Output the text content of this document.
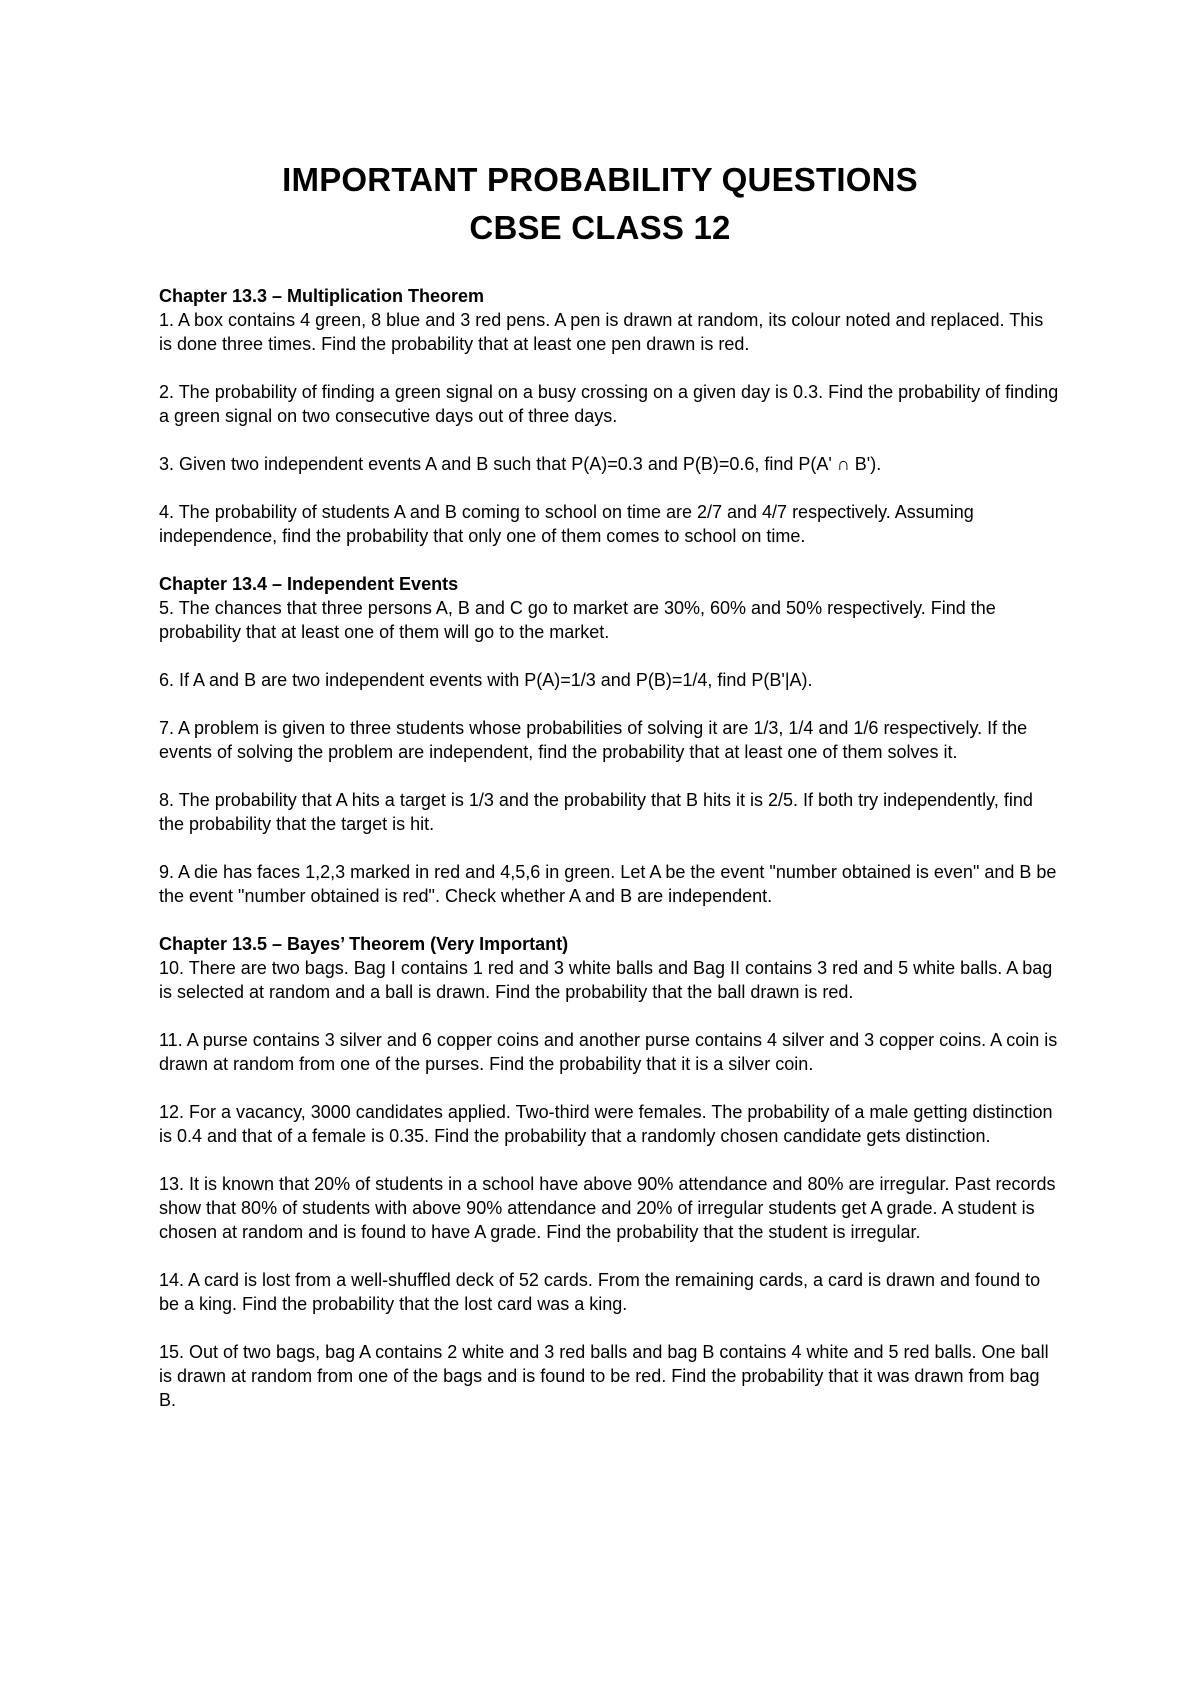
IMPORTANT PROBABILITY QUESTIONS
CBSE CLASS 12

Chapter 13.3 – Multiplication Theorem

1. A box contains 4 green, 8 blue and 3 red pens. A pen is drawn at random, its colour noted and replaced. This is done three times. Find the probability that at least one pen drawn is red.

2. The probability of finding a green signal on a busy crossing on a given day is 0.3. Find the probability of finding a green signal on two consecutive days out of three days.

3. Given two independent events A and B such that P(A)=0.3 and P(B)=0.6, find P(A' ∩ B').

4. The probability of students A and B coming to school on time are 2/7 and 4/7 respectively. Assuming independence, find the probability that only one of them comes to school on time.

Chapter 13.4 – Independent Events

5. The chances that three persons A, B and C go to market are 30%, 60% and 50% respectively. Find the probability that at least one of them will go to the market.

6. If A and B are two independent events with P(A)=1/3 and P(B)=1/4, find P(B'|A).

7. A problem is given to three students whose probabilities of solving it are 1/3, 1/4 and 1/6 respectively. If the events of solving the problem are independent, find the probability that at least one of them solves it.

8. The probability that A hits a target is 1/3 and the probability that B hits it is 2/5. If both try independently, find the probability that the target is hit.

9. A die has faces 1,2,3 marked in red and 4,5,6 in green. Let A be the event "number obtained is even" and B be the event "number obtained is red". Check whether A and B are independent.

Chapter 13.5 – Bayes’ Theorem (Very Important)

10. There are two bags. Bag I contains 1 red and 3 white balls and Bag II contains 3 red and 5 white balls. A bag is selected at random and a ball is drawn. Find the probability that the ball drawn is red.

11. A purse contains 3 silver and 6 copper coins and another purse contains 4 silver and 3 copper coins. A coin is drawn at random from one of the purses. Find the probability that it is a silver coin.

12. For a vacancy, 3000 candidates applied. Two-third were females. The probability of a male getting distinction is 0.4 and that of a female is 0.35. Find the probability that a randomly chosen candidate gets distinction.

13. It is known that 20% of students in a school have above 90% attendance and 80% are irregular. Past records show that 80% of students with above 90% attendance and 20% of irregular students get A grade. A student is chosen at random and is found to have A grade. Find the probability that the student is irregular.

14. A card is lost from a well-shuffled deck of 52 cards. From the remaining cards, a card is drawn and found to be a king. Find the probability that the lost card was a king.

15. Out of two bags, bag A contains 2 white and 3 red balls and bag B contains 4 white and 5 red balls. One ball is drawn at random from one of the bags and is found to be red. Find the probability that it was drawn from bag B.
